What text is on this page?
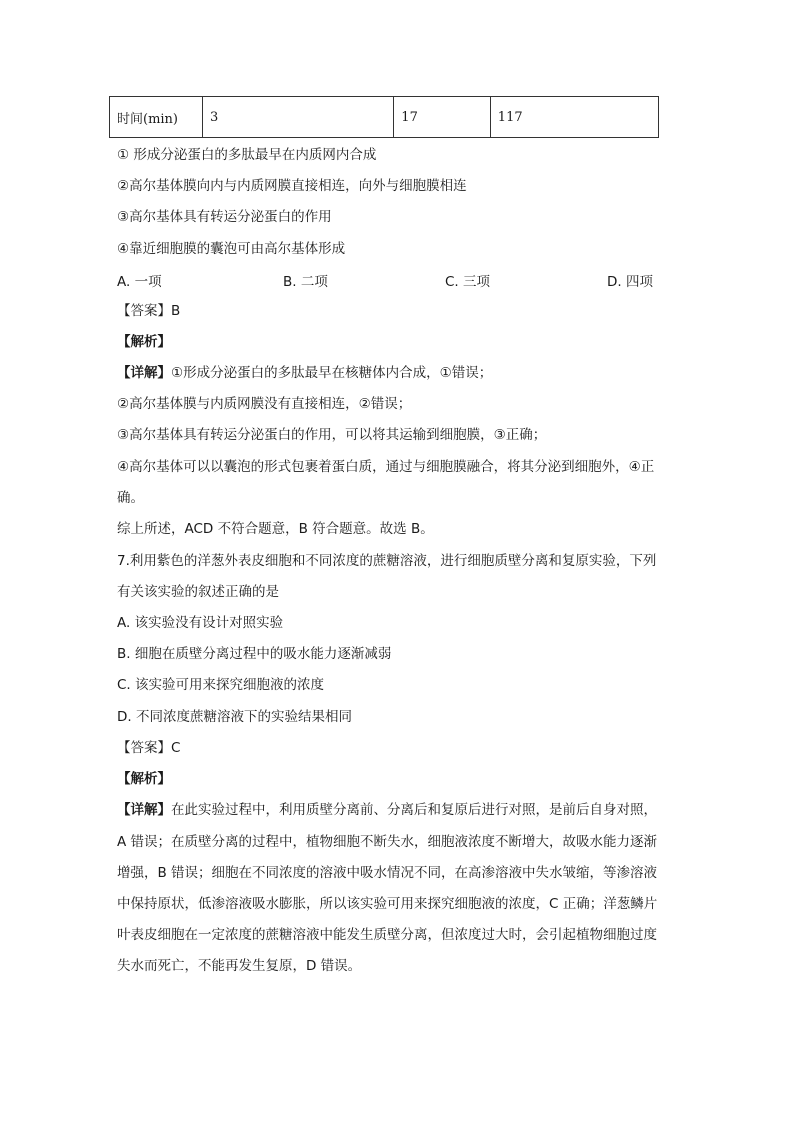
时间(min)	3	17	117
① 形成分泌蛋白的多肽最早在内质网内合成
②高尔基体膜向内与内质网膜直接相连，向外与细胞膜相连
③高尔基体具有转运分泌蛋白的作用
④靠近细胞膜的囊泡可由高尔基体形成
A. 一项	B. 二项	C. 三项	D. 四项
【答案】B
【解析】
【详解】①形成分泌蛋白的多肽最早在核糖体内合成，①错误；
②高尔基体膜与内质网膜没有直接相连，②错误；
③高尔基体具有转运分泌蛋白的作用，可以将其运输到细胞膜，③正确；
④高尔基体可以以囊泡的形式包裹着蛋白质，通过与细胞膜融合，将其分泌到细胞外，④正
确。
综上所述，ACD 不符合题意，B 符合题意。故选 B。
7.利用紫色的洋葱外表皮细胞和不同浓度的蔗糖溶液，进行细胞质壁分离和复原实验，下列
有关该实验的叙述正确的是
A. 该实验没有设计对照实验
B. 细胞在质壁分离过程中的吸水能力逐渐减弱
C. 该实验可用来探究细胞液的浓度
D. 不同浓度蔗糖溶液下的实验结果相同
【答案】C
【解析】
【详解】在此实验过程中，利用质壁分离前、分离后和复原后进行对照，是前后自身对照，
A 错误；在质壁分离的过程中，植物细胞不断失水，细胞液浓度不断增大，故吸水能力逐渐
增强，B 错误；细胞在不同浓度的溶液中吸水情况不同，在高渗溶液中失水皱缩，等渗溶液
中保持原状，低渗溶液吸水膨胀，所以该实验可用来探究细胞液的浓度，C 正确；洋葱鳞片
叶表皮细胞在一定浓度的蔗糖溶液中能发生质壁分离，但浓度过大时，会引起植物细胞过度
失水而死亡，不能再发生复原，D 错误。
